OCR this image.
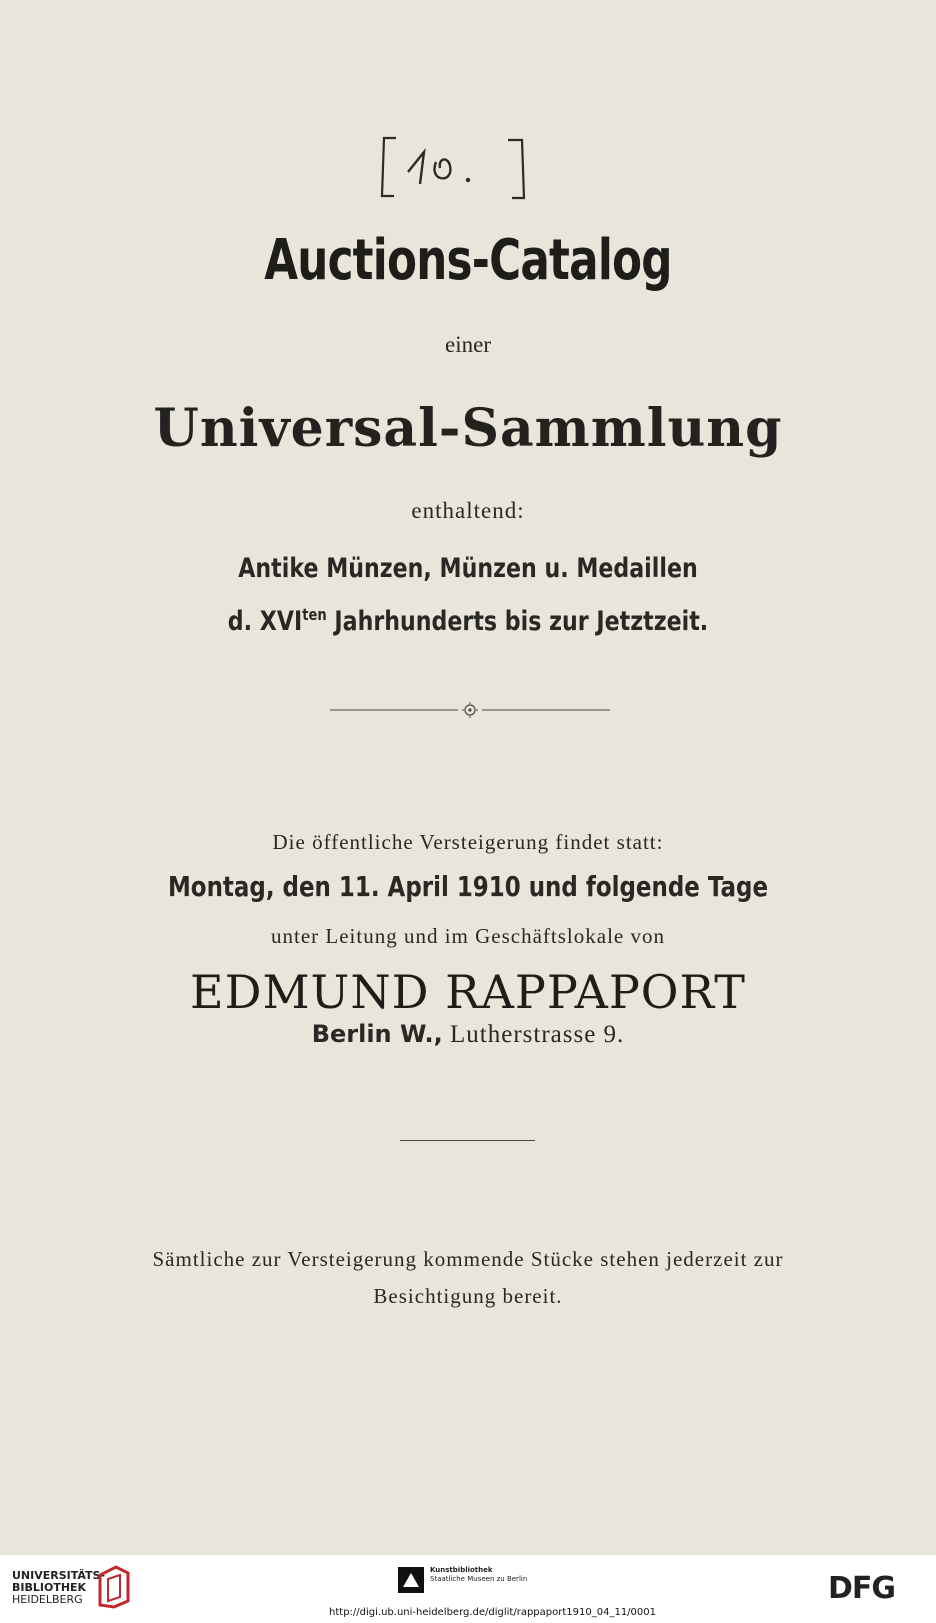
Auctions-Catalog
einer
Universal-Sammlung
enthaltend:
Antike Münzen, Münzen u. Medaillen
d. $XVI^{ten}$ Jahrhunderts bis zur Jetztzeit.
Die öffentliche Versteigerung findet statt:
Montag, den 11. April 1910 und folgende Tage
unter Leitung und im Geschäftslokale von
EDMUND RAPPAPORT
Berlin W., Lutherstrasse 9.
Sämtliche zur Versteigerung kommende Stücke stehen jederzeit zur
Besichtigung bereit.
UNIVERSITÄTS-
BIBLIOTHEK
HEIDELBERG
Kunstbibliothek
Staatliche Museen zu Berlin	DFG
http://digi.ub.uni-heidelberg.de/diglit/rappaport1910_04_11/0001
